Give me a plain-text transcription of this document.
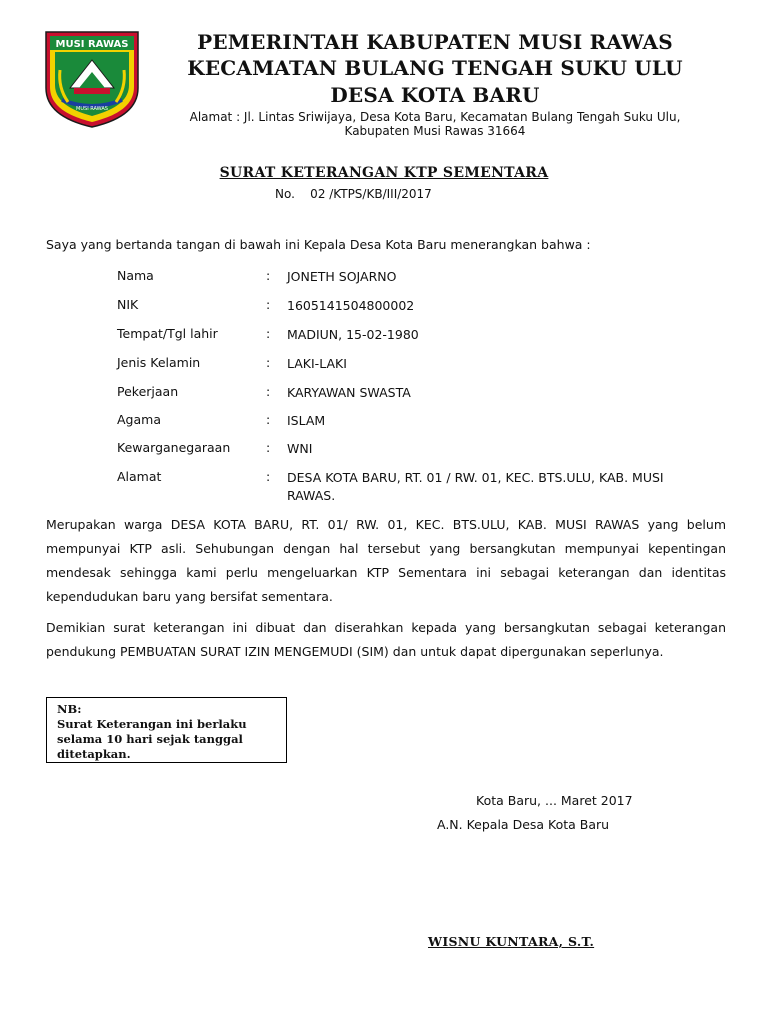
MUSI RAWAS
MUSI RAWAS
PEMERINTAH KABUPATEN MUSI RAWAS
KECAMATAN BULANG TENGAH SUKU ULU
DESA KOTA BARU
Alamat : Jl. Lintas Sriwijaya, Desa Kota Baru, Kecamatan Bulang Tengah Suku Ulu,
Kabupaten Musi Rawas 31664
SURAT KETERANGAN KTP SEMENTARA
No.    02 /KTPS/KB/III/2017
Saya yang bertanda tangan di bawah ini Kepala Desa Kota Baru menerangkan bahwa :
Nama	: JONETH SOJARNO
NIK	: 1605141504800002
Tempat/Tgl lahir	: MADIUN, 15-02-1980
Jenis Kelamin	: LAKI-LAKI
Pekerjaan	: KARYAWAN SWASTA
Agama	: ISLAM
Kewarganegaraan	: WNI
Alamat	: DESA KOTA BARU, RT. 01 / RW. 01, KEC. BTS.ULU, KAB. MUSI RAWAS.
Merupakan warga DESA KOTA BARU, RT. 01/ RW. 01, KEC. BTS.ULU, KAB. MUSI RAWAS yang belum mempunyai KTP asli. Sehubungan dengan hal tersebut yang bersangkutan mempunyai kepentingan mendesak sehingga kami perlu mengeluarkan KTP Sementara ini sebagai keterangan dan identitas kependudukan baru yang bersifat sementara.
Demikian surat keterangan ini dibuat dan diserahkan kepada yang bersangkutan sebagai keterangan pendukung PEMBUATAN SURAT IZIN MENGEMUDI (SIM) dan untuk dapat dipergunakan seperlunya.
NB:
Surat Keterangan ini berlaku selama 10 hari sejak tanggal ditetapkan.
Kota Baru, ... Maret 2017
A.N. Kepala Desa Kota Baru
WISNU KUNTARA, S.T.
